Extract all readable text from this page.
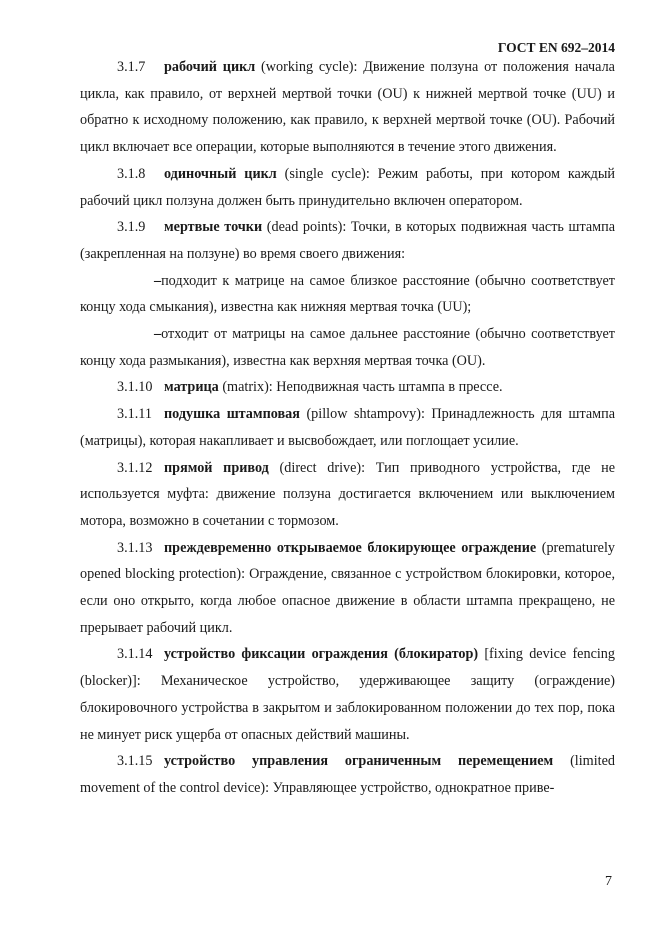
ГОСТ EN 692–2014

3.1.7 рабочий цикл (working cycle): Движение ползуна от положения начала цикла, как правило, от верхней мертвой точки (OU) к нижней мертвой точке (UU) и обратно к исходному положению, как правило, к верхней мертвой точке (OU). Рабочий цикл включает все операции, которые выполняются в течение этого движения.

3.1.8 одиночный цикл (single cycle): Режим работы, при котором каждый рабочий цикл ползуна должен быть принудительно включен оператором.

3.1.9 мертвые точки (dead points): Точки, в которых подвижная часть штампа (закрепленная на ползуне) во время своего движения:

–подходит к матрице на самое близкое расстояние (обычно соответствует концу хода смыкания), известна как нижняя мертвая точка (UU);

–отходит от матрицы на самое дальнее расстояние (обычно соответствует концу хода размыкания), известна как верхняя мертвая точка (OU).

3.1.10 матрица (matrix): Неподвижная часть штампа в прессе.

3.1.11 подушка штамповая (pillow shtampovy): Принадлежность для штампа (матрицы), которая накапливает и высвобождает, или поглощает усилие.

3.1.12 прямой привод (direct drive): Тип приводного устройства, где не используется муфта: движение ползуна достигается включением или выключением мотора, возможно в сочетании с тормозом.

3.1.13 преждевременно открываемое блокирующее ограждение (prematurely opened blocking protection): Ограждение, связанное с устройством блокировки, которое, если оно открыто, когда любое опасное движение в области штампа прекращено, не прерывает рабочий цикл.

3.1.14 устройство фиксации ограждения (блокиратор) [fixing device fencing (blocker)]: Механическое устройство, удерживающее защиту (ограждение) блокировочного устройства в закрытом и заблокированном положении до тех пор, пока не минует риск ущерба от опасных действий машины.

3.1.15 устройство управления ограниченным перемещением (limited movement of the control device): Управляющее устройство, однократное приве-

7
